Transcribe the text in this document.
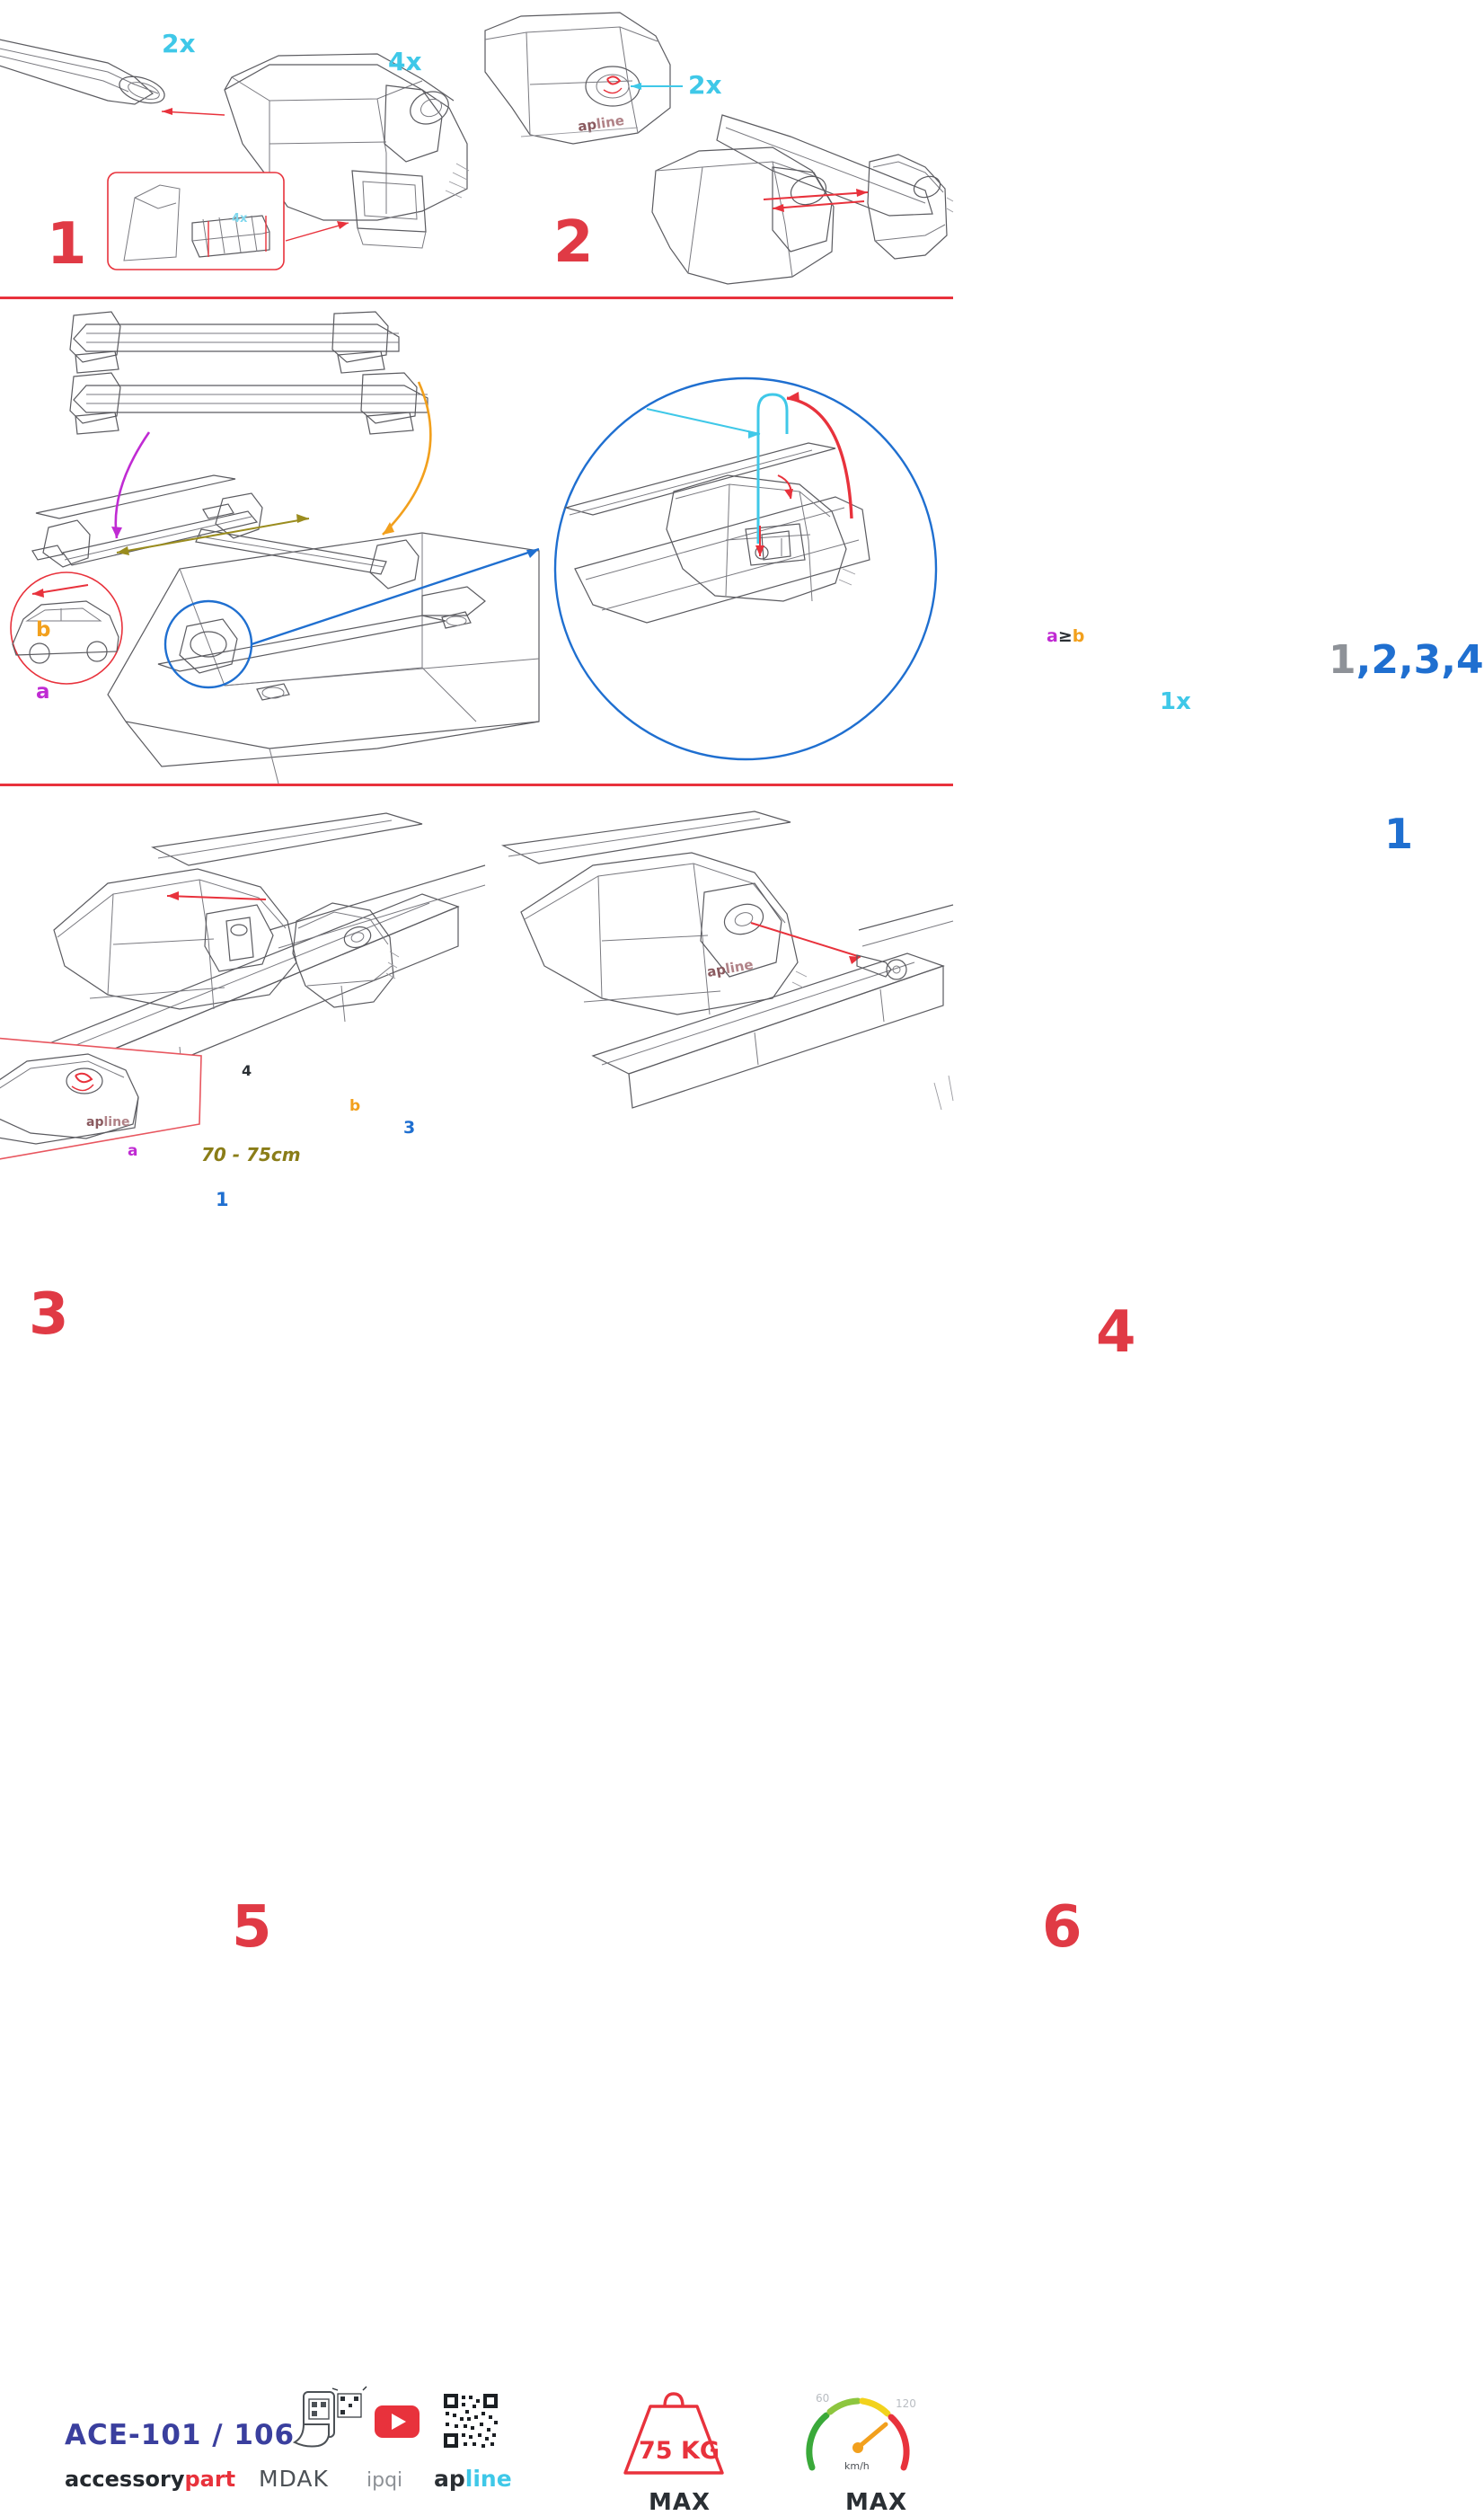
2x
4x
4x
1
apline
2x
2
b
a
a
b
70 - 75cm
1
3
4
3
1x
1,2,3,4
1
a≥b
4
apline
5
apline
6
ACE-101 / 106
accessorypart MDAK ipqi apline
75 KG
MAX
60	120
km/h
MAX
